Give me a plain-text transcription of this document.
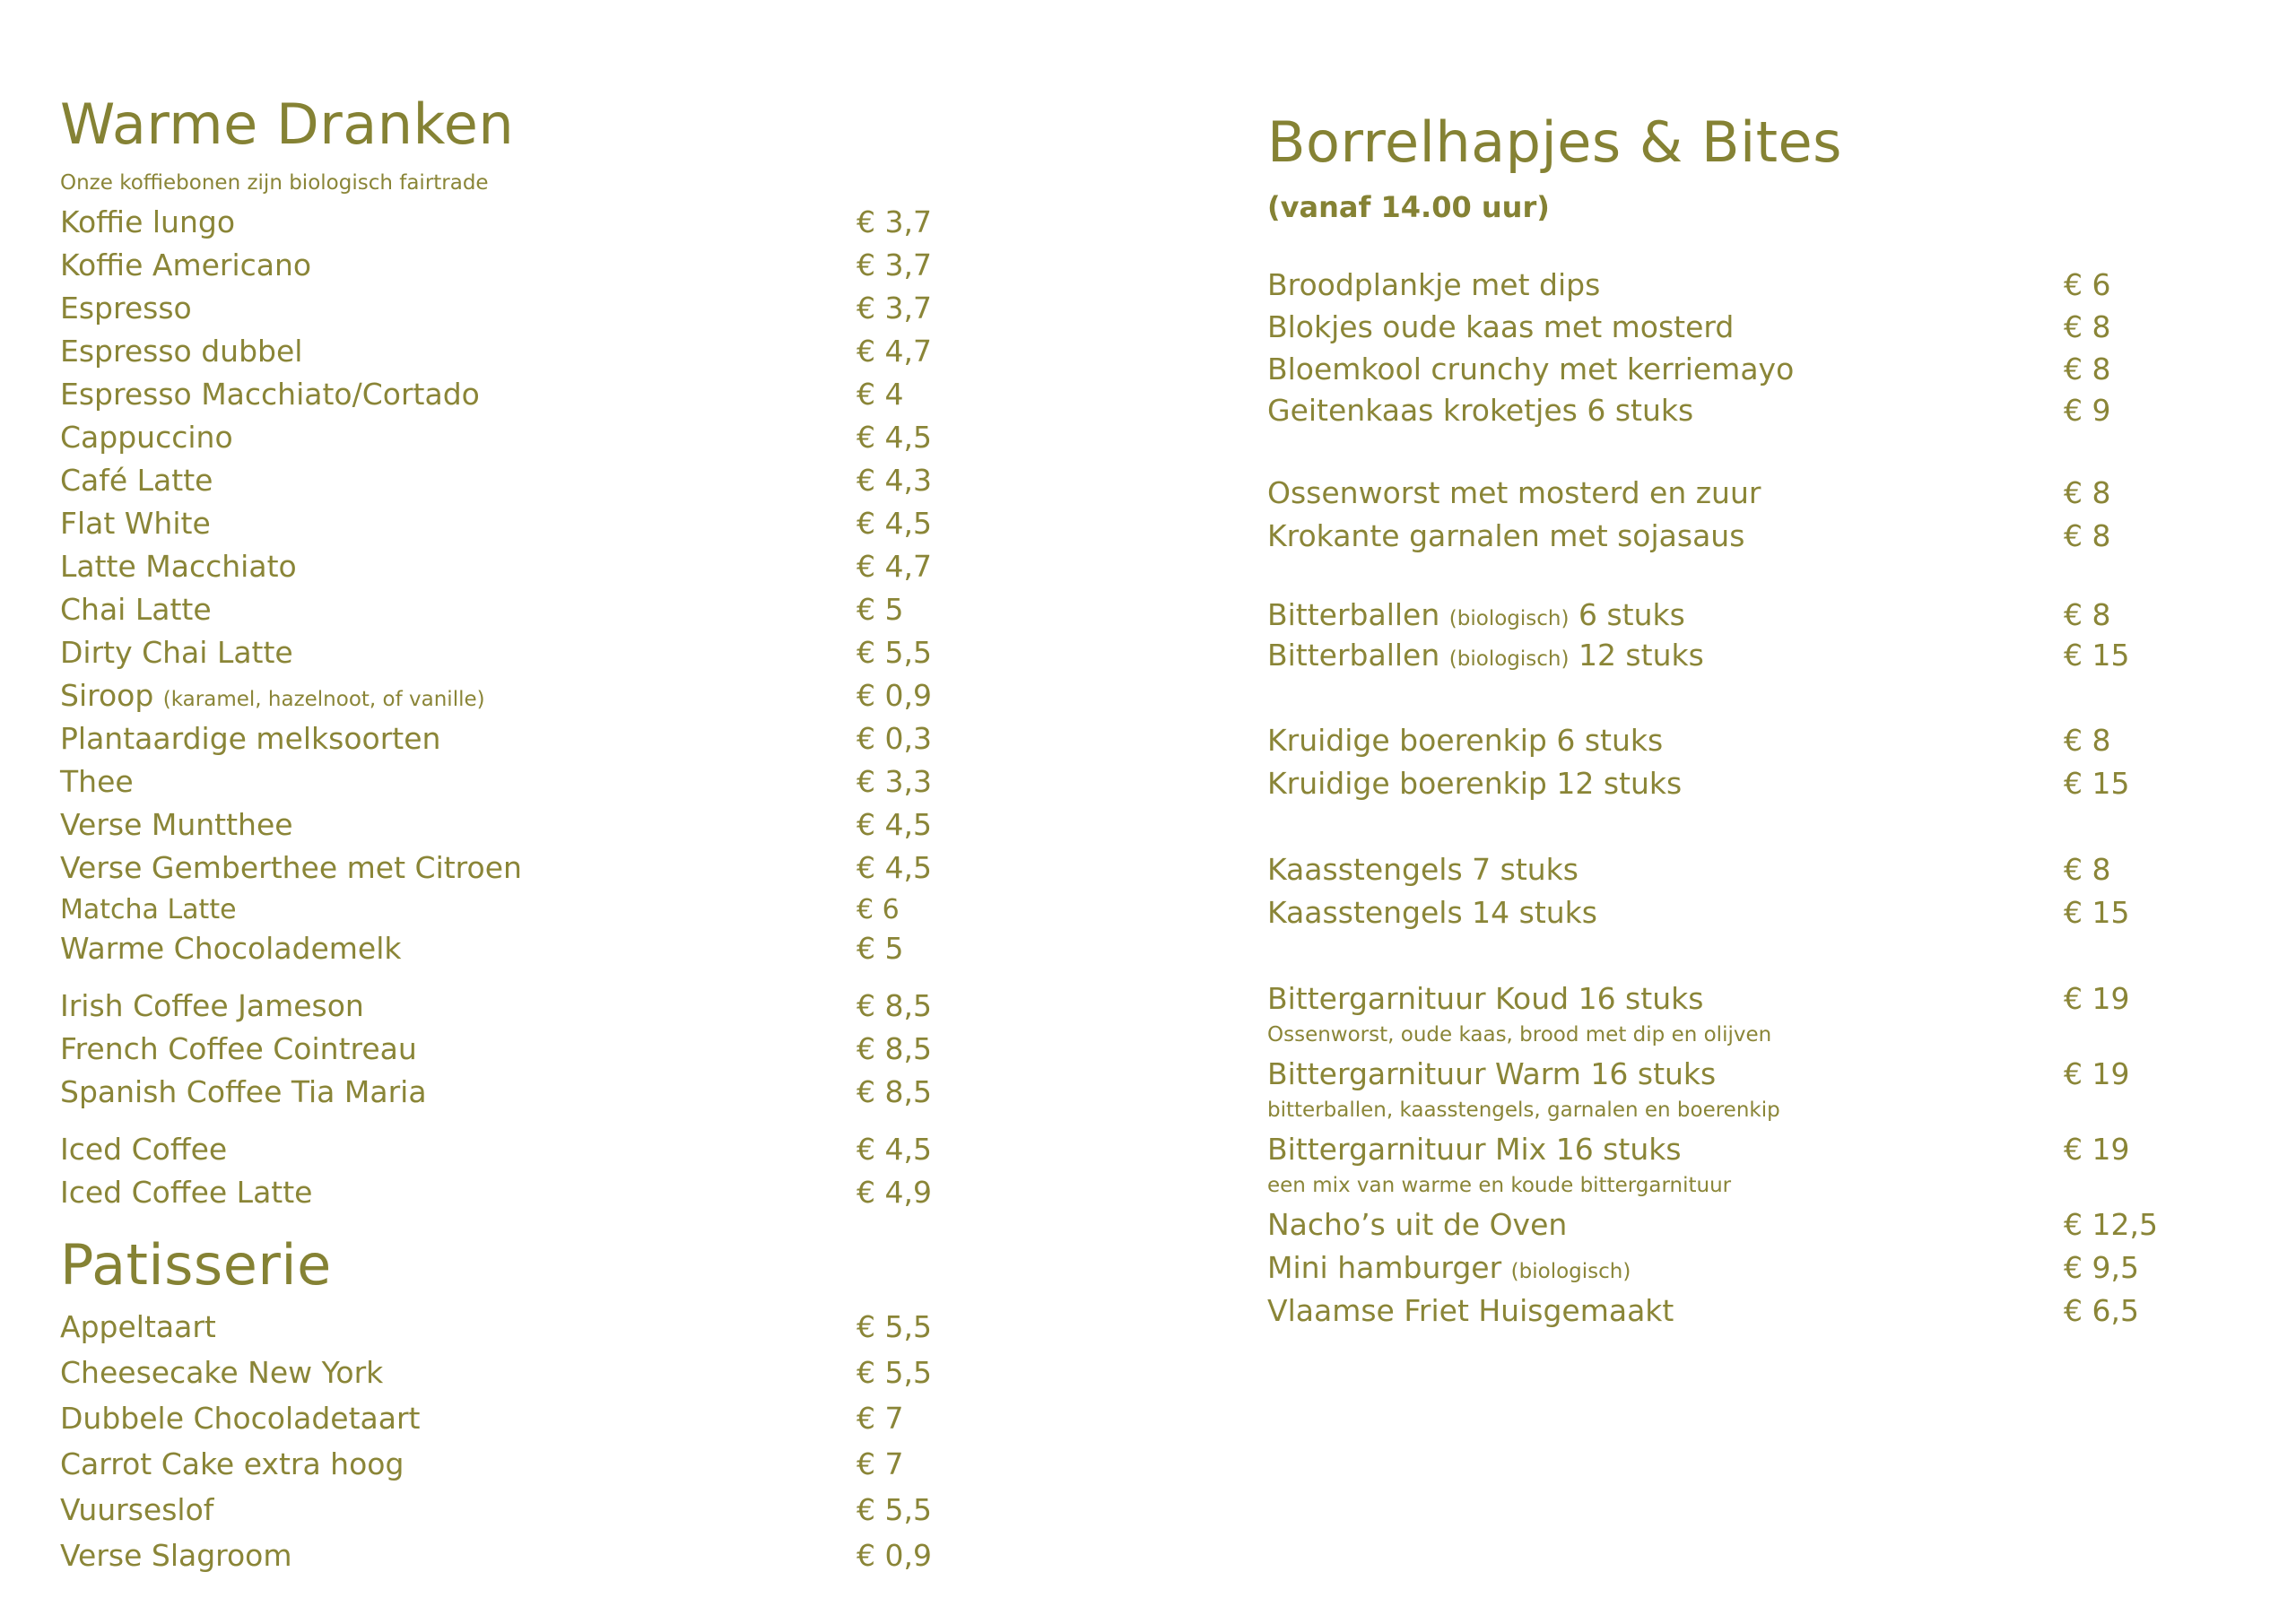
Warme Dranken
Onze koffiebonen zijn biologisch fairtrade
Koffie lungo	€ 3,7
Koffie Americano	€ 3,7
Espresso	€ 3,7
Espresso dubbel	€ 4,7
Espresso Macchiato/Cortado	€ 4
Cappuccino	€ 4,5
Café Latte	€ 4,3
Flat White	€ 4,5
Latte Macchiato	€ 4,7
Chai Latte	€ 5
Dirty Chai Latte	€ 5,5
Siroop (karamel, hazelnoot, of vanille)	€ 0,9
Plantaardige melksoorten	€ 0,3
Thee	€ 3,3
Verse Muntthee	€ 4,5
Verse Gemberthee met Citroen	€ 4,5
Matcha Latte	€ 6
Warme Chocolademelk	€ 5
Irish Coffee Jameson	€ 8,5
French Coffee Cointreau	€ 8,5
Spanish Coffee Tia Maria	€ 8,5
Iced Coffee	€ 4,5
Iced Coffee Latte	€ 4,9
Patisserie
Appeltaart	€ 5,5
Cheesecake New York	€ 5,5
Dubbele Chocoladetaart	€ 7
Carrot Cake extra hoog	€ 7
Vuurseslof	€ 5,5
Verse Slagroom	€ 0,9
Borrelhapjes & Bites
(vanaf 14.00 uur)
Broodplankje met dips	€ 6
Blokjes oude kaas met mosterd	€ 8
Bloemkool crunchy met kerriemayo	€ 8
Geitenkaas kroketjes 6 stuks	€ 9
Ossenworst met mosterd en zuur	€ 8
Krokante garnalen met sojasaus	€ 8
Bitterballen (biologisch) 6 stuks	€ 8
Bitterballen (biologisch) 12 stuks	€ 15
Kruidige boerenkip 6 stuks	€ 8
Kruidige boerenkip 12 stuks	€ 15
Kaasstengels 7 stuks	€ 8
Kaasstengels 14 stuks	€ 15
Bittergarnituur Koud 16 stuks	€ 19
Ossenworst, oude kaas, brood met dip en olijven
Bittergarnituur Warm 16 stuks	€ 19
bitterballen, kaasstengels, garnalen en boerenkip
Bittergarnituur Mix 16 stuks	€ 19
een mix van warme en koude bittergarnituur
Nacho’s uit de Oven	€ 12,5
Mini hamburger (biologisch)	€ 9,5
Vlaamse Friet Huisgemaakt	€ 6,5
